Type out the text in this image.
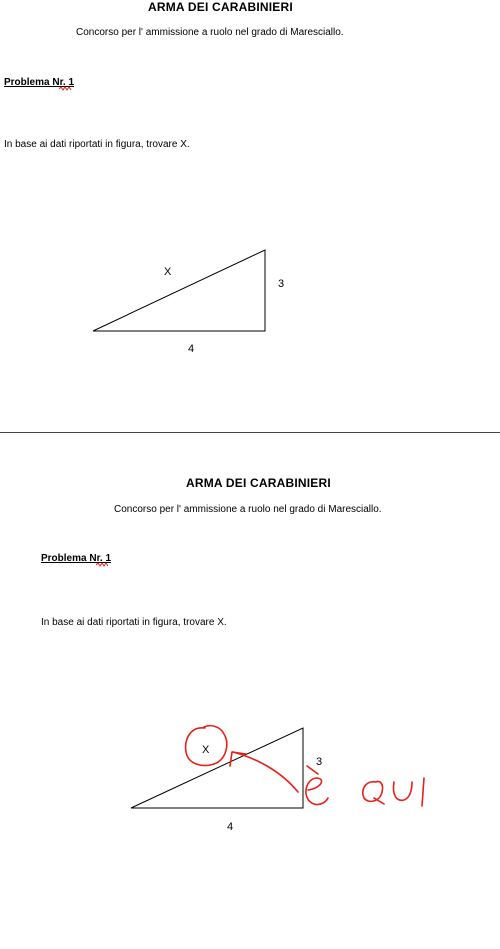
ARMA DEI CARABINIERI
Concorso per l' ammissione a ruolo nel grado di Maresciallo.
Problema Nr. 1
In base ai dati riportati in figura, trovare X.
X
3
4
ARMA DEI CARABINIERI
Concorso per l' ammissione a ruolo nel grado di Maresciallo.
Problema Nr. 1
In base ai dati riportati in figura, trovare X.
X
3
4
